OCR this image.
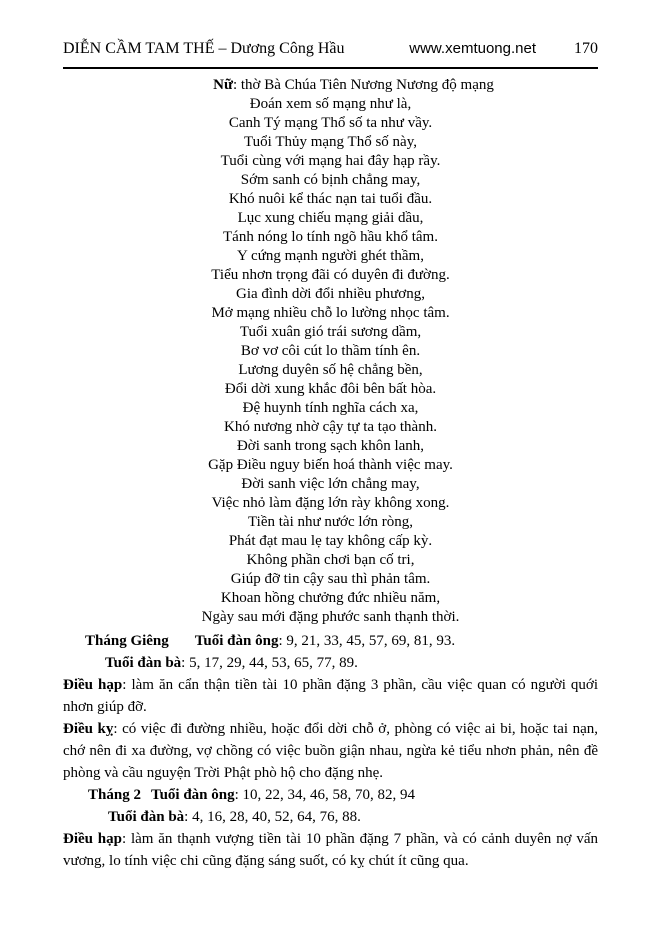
DIỄN CẦM TAM THẾ – Dương Công Hầu	www.xemtuong.net 170
Nữ: thờ Bà Chúa Tiên Nương Nương độ mạng
Đoán xem số mạng như là,
Canh Tý mạng Thổ số ta như vầy.
Tuổi Thủy mạng Thổ số này,
Tuổi cùng với mạng hai đây hạp rầy.
Sớm sanh có bịnh chẳng may,
Khó nuôi kể thác nạn tai tuổi đầu.
Lục xung chiếu mạng giải dầu,
Tánh nóng lo tính ngõ hầu khổ tâm.
Y cứng mạnh người ghét thầm,
Tiểu nhơn trọng đãi có duyên đi đường.
Gia đình dời đổi nhiều phương,
Mở mạng nhiều chỗ lo lường nhọc tâm.
Tuổi xuân gió trái sương dầm,
Bơ vơ côi cút lo thầm tính ên.
Lương duyên số hệ chẳng bền,
Đổi dời xung khắc đôi bên bất hòa.
Đệ huynh tính nghĩa cách xa,
Khó nương nhờ cậy tự ta tạo thành.
Đời sanh trong sạch khôn lanh,
Gặp Điều nguy biến hoá thành việc may.
Đời sanh việc lớn chẳng may,
Việc nhỏ làm đặng lớn rày không xong.
Tiền tài như nước lớn ròng,
Phát đạt mau lẹ tay không cấp kỳ.
Không phần chơi bạn cố tri,
Giúp đỡ tin cậy sau thì phản tâm.
Khoan hồng chưởng đức nhiều năm,
Ngày sau mới đặng phước sanh thạnh thời.
Tháng Giêng Tuổi đàn ông: 9, 21, 33, 45, 57, 69, 81, 93.
Tuổi đàn bà: 5, 17, 29, 44, 53, 65, 77, 89.

Điều hạp: làm ăn cẩn thận tiền tài 10 phần đặng 3 phần, cầu việc quan có người quới nhơn giúp đỡ.

Điều kỵ: có việc đi đường nhiều, hoặc đổi dời chỗ ở, phòng có việc ai bi, hoặc tai nạn, chớ nên đi xa đường, vợ chồng có việc buồn giận nhau, ngừa kẻ tiểu nhơn phản, nên đề phòng và cầu nguyện Trời Phật phò hộ cho đặng nhẹ.

Tháng 2 Tuổi đàn ông: 10, 22, 34, 46, 58, 70, 82, 94
Tuổi đàn bà: 4, 16, 28, 40, 52, 64, 76, 88.

Điều hạp: làm ăn thạnh vượng tiền tài 10 phần đặng 7 phần, và có cảnh duyên nợ vấn vương, lo tính việc chi cũng đặng sáng suốt, có kỵ chút ít cũng qua.
